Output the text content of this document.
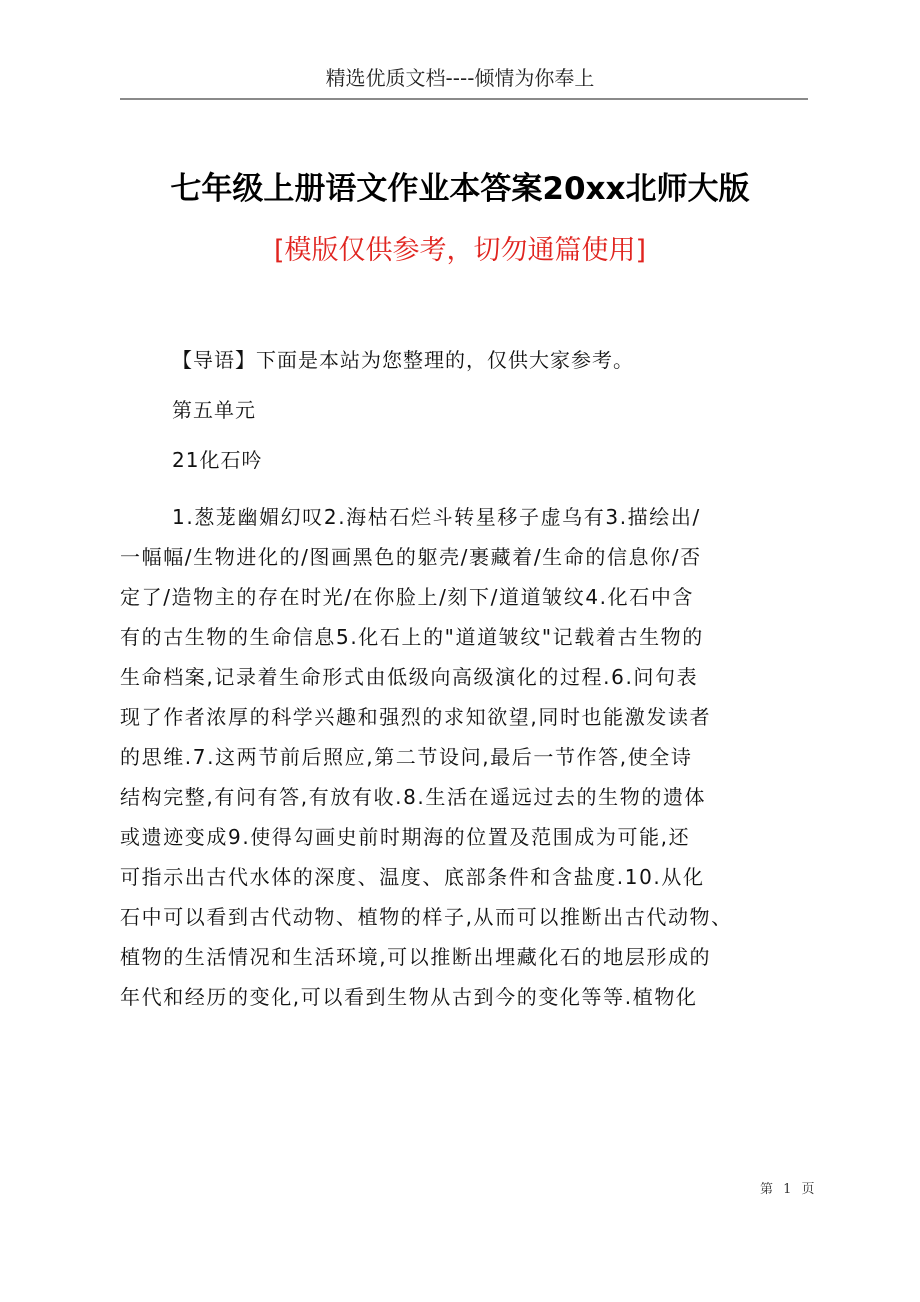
精选优质文档----倾情为你奉上
七年级上册语文作业本答案20xx北师大版
[模版仅供参考，切勿通篇使用]
【导语】下面是本站为您整理的，仅供大家参考。
第五单元
21化石吟
1.葱茏幽媚幻叹2.海枯石烂斗转星移子虚乌有3.描绘出/
一幅幅/生物进化的/图画黑色的躯壳/裹藏着/生命的信息你/否
定了/造物主的存在时光/在你脸上/刻下/道道皱纹4.化石中含
有的古生物的生命信息5.化石上的"道道皱纹"记载着古生物的
生命档案,记录着生命形式由低级向高级演化的过程.6.问句表
现了作者浓厚的科学兴趣和强烈的求知欲望,同时也能激发读者
的思维.7.这两节前后照应,第二节设问,最后一节作答,使全诗
结构完整,有问有答,有放有收.8.生活在遥远过去的生物的遗体
或遗迹变成9.使得勾画史前时期海的位置及范围成为可能,还
可指示出古代水体的深度、温度、底部条件和含盐度.10.从化
石中可以看到古代动物、植物的样子,从而可以推断出古代动物、
植物的生活情况和生活环境,可以推断出埋藏化石的地层形成的
年代和经历的变化,可以看到生物从古到今的变化等等.植物化
第 1 页
